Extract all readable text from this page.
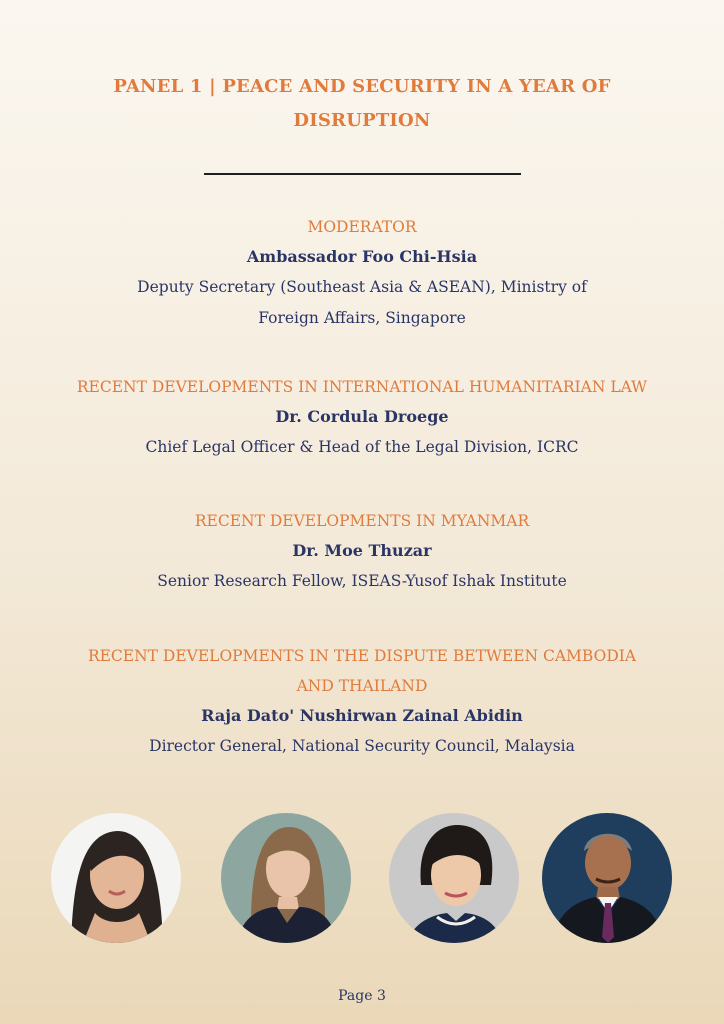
PANEL 1 | PEACE AND SECURITY IN A YEAR OF
DISRUPTION
MODERATOR
Ambassador Foo Chi-Hsia
Deputy Secretary (Southeast Asia & ASEAN), Ministry of
Foreign Affairs, Singapore
RECENT DEVELOPMENTS IN INTERNATIONAL HUMANITARIAN LAW
Dr. Cordula Droege
Chief Legal Officer & Head of the Legal Division, ICRC
RECENT DEVELOPMENTS IN MYANMAR
Dr. Moe Thuzar
Senior Research Fellow, ISEAS-Yusof Ishak Institute
RECENT DEVELOPMENTS IN THE DISPUTE BETWEEN CAMBODIA
AND THAILAND
Raja Dato' Nushirwan Zainal Abidin
Director General, National Security Council, Malaysia
Page 3
